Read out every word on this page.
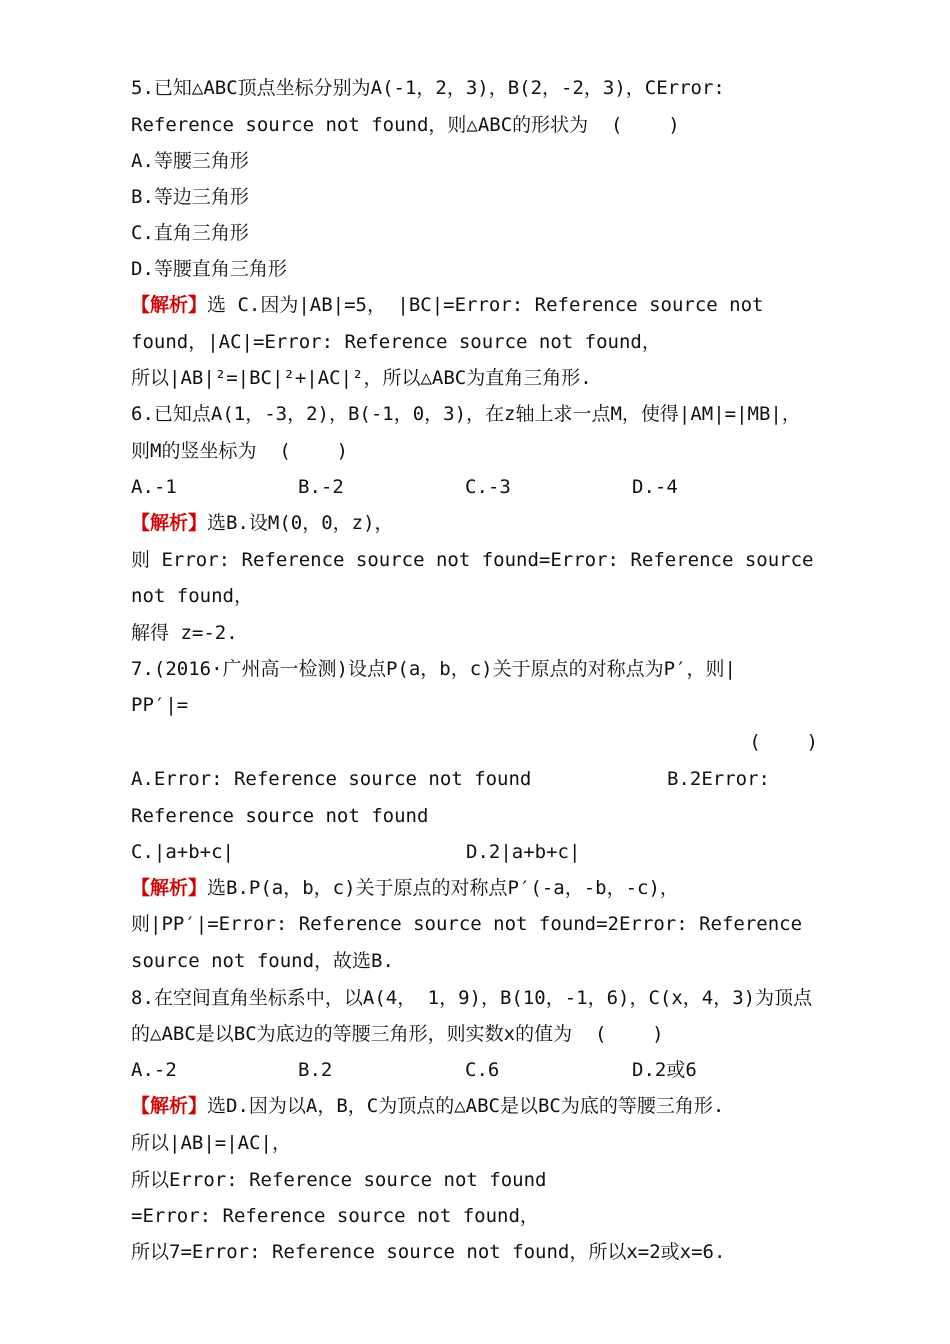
5.已知△ABC顶点坐标分别为A(-1，2，3)，B(2，-2，3)，CError:
Reference source not found，则△ABC的形状为  (    )
A.等腰三角形
B.等边三角形
C.直角三角形
D.等腰直角三角形
【解析】选 C.因为|AB|=5， |BC|=Error: Reference source not
found，|AC|=Error: Reference source not found，
所以|AB|²=|BC|²+|AC|²，所以△ABC为直角三角形.
6.已知点A(1，-3，2)，B(-1，0，3)，在z轴上求一点M，使得|AM|=|MB|，
则M的竖坐标为  (    )
A.-1	B.-2	C.-3	D.-4
【解析】选B.设M(0，0，z)，
则 Error: Reference source not found=Error: Reference source
not found，
解得 z=-2.
7.(2016·广州高一检测)设点P(a，b，c)关于原点的对称点为P′，则|
PP′|=
(    )
A.Error: Reference source not found	B.2Error:
Reference source not found
C.|a+b+c|	D.2|a+b+c|
【解析】选B.P(a，b，c)关于原点的对称点P′(-a，-b，-c)，
则|PP′|=Error: Reference source not found=2Error: Reference
source not found，故选B.
8.在空间直角坐标系中，以A(4， 1，9)，B(10，-1，6)，C(x，4，3)为顶点
的△ABC是以BC为底边的等腰三角形，则实数x的值为  (    )
A.-2	B.2	C.6	D.2或6
【解析】选D.因为以A，B，C为顶点的△ABC是以BC为底的等腰三角形.
所以|AB|=|AC|，
所以Error: Reference source not found
=Error: Reference source not found，
所以7=Error: Reference source not found，所以x=2或x=6.
